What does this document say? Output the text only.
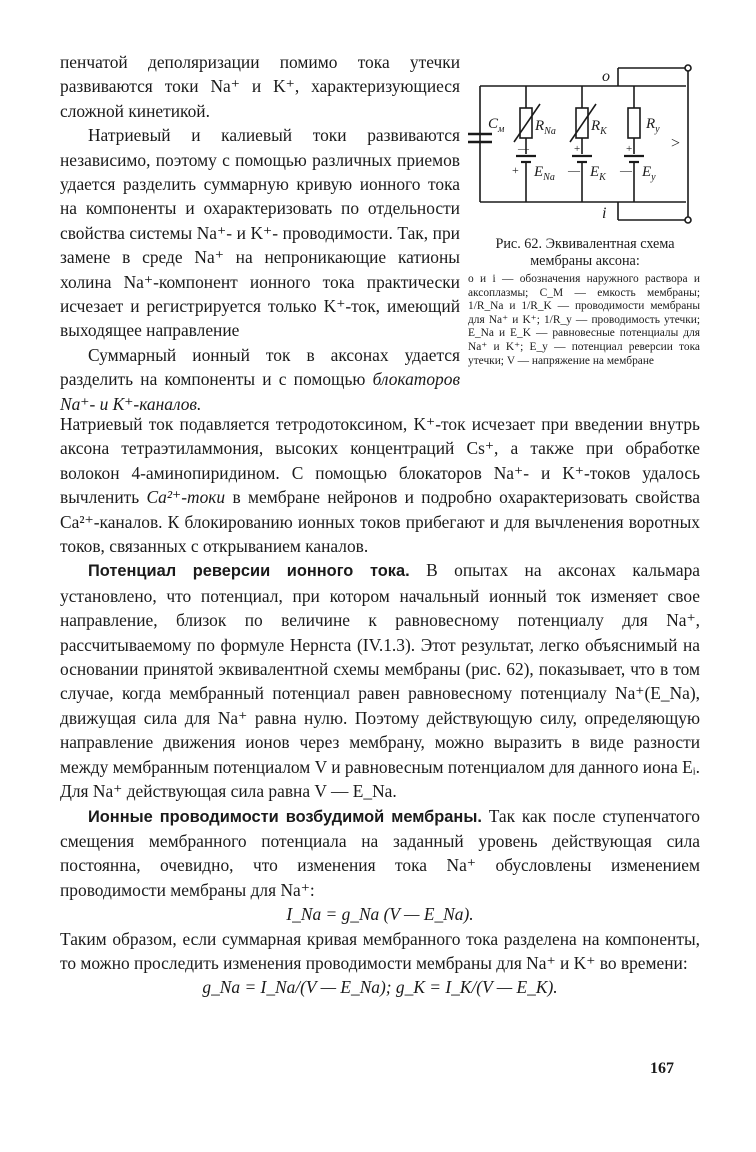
пенчатой деполяризации помимо тока утечки развиваются токи Na⁺ и K⁺, характеризующиеся сложной кинетикой.

Натриевый и калиевый токи развиваются независимо, поэтому с помощью различных приемов удается разделить суммарную кривую ионного тока на компоненты и охарактеризовать по отдельности свойства системы Na⁺- и K⁺- проводимости. Так, при замене в среде Na⁺ на непроникающие катионы холина Na⁺-компонент ионного тока практически исчезает и регистрируется только K⁺-ток, имеющий выходящее направление

Суммарный ионный ток в аксонах удается разделить на компоненты и с помощью блокаторов Na⁺- и K⁺-каналов.

o
i
$C_м$ $R_{Na}$ $R_K$	$R_у$
$E_{Na}$ $E_K$ $E_у$
>
—
+
+
—
+
—
Рис. 62. Эквивалентная схема мембраны аксона:
o и i — обозначения наружного раствора и аксоплазмы; C_M — емкость мембраны; 1/R_Na и 1/R_K — проводимости мембраны для Na⁺ и K⁺; 1/R_y — проводимость утечки; E_Na и E_K — равновесные потенциалы для Na⁺ и K⁺; E_y — потенциал реверсии тока утечки; V — напряжение на мембране

Натриевый ток подавляется тетродотоксином, K⁺-ток исчезает при введении внутрь аксона тетраэтиламмония, высоких концентраций Cs⁺, а также при обработке волокон 4-аминопиридином. С помощью блокаторов Na⁺- и K⁺-токов удалось вычленить Ca²⁺-токи в мембране нейронов и подробно охарактеризовать свойства Ca²⁺-каналов. К блокированию ионных токов прибегают и для вычленения воротных токов, связанных с открыванием каналов.

Потенциал реверсии ионного тока. В опытах на аксонах кальмара установлено, что потенциал, при котором начальный ионный ток изменяет свое направление, близок по величине к равновесному потенциалу для Na⁺, рассчитываемому по формуле Нернста (IV.1.3). Этот результат, легко объяснимый на основании принятой эквивалентной схемы мембраны (рис. 62), показывает, что в том случае, когда мембранный потенциал равен равновесному потенциалу Na⁺(E_Na), движущая сила для Na⁺ равна нулю. Поэтому действующую силу, определяющую направление движения ионов через мембрану, можно выразить в виде разности между мембранным потенциалом V и равновесным потенциалом для данного иона Eᵢ. Для Na⁺ действующая сила равна V — E_Na.

Ионные проводимости возбудимой мембраны. Так как после ступенчатого смещения мембранного потенциала на заданный уровень действующая сила постоянна, очевидно, что изменения тока Na⁺ обусловлены изменением проводимости мембраны для Na⁺:

I_Na = g_Na (V — E_Na).

Таким образом, если суммарная кривая мембранного тока разделена на компоненты, то можно проследить изменения проводимости мембраны для Na⁺ и K⁺ во времени:

g_Na = I_Na/(V — E_Na); g_K = I_K/(V — E_K).

167
